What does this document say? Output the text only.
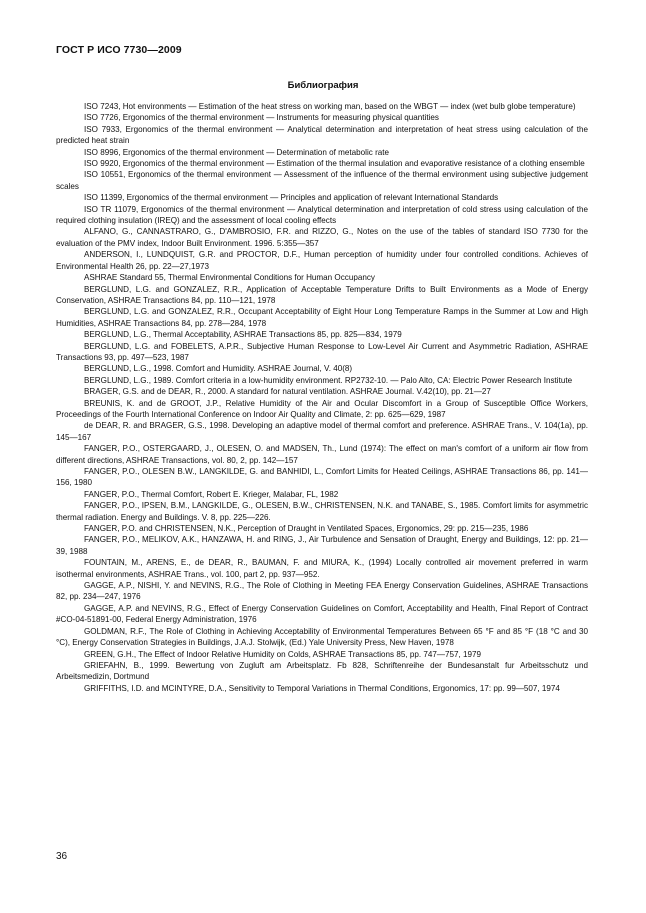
ГОСТ Р ИСО 7730—2009
Библиография

ISO 7243, Hot environments — Estimation of the heat stress on working man, based on the WBGT — index (wet bulb globe temperature)

ISO 7726, Ergonomics of the thermal environment — Instruments for measuring physical quantities

ISO 7933, Ergonomics of the thermal environment — Analytical determination and interpretation of heat stress using calculation of the predicted heat strain

ISO 8996, Ergonomics of the thermal environment — Determination of metabolic rate

ISO 9920, Ergonomics of the thermal environment — Estimation of the thermal insulation and evaporative resistance of a clothing ensemble

ISO 10551, Ergonomics of the thermal environment — Assessment of the influence of the thermal environment using subjective judgement scales

ISO 11399, Ergonomics of the thermal environment — Principles and application of relevant International Standards

ISO TR 11079, Ergonomics of the thermal environment — Analytical determination and interpretation of cold stress using calculation of the required clothing insulation (IREQ) and the assessment of local cooling effects

ALFANO, G., CANNASTRARO, G., D'AMBROSIO, F.R. and RIZZO, G., Notes on the use of the tables of standard ISO 7730 for the evaluation of the PMV index, Indoor Built Environment. 1996. 5:355—357

ANDERSON, I., LUNDQUIST, G.R. and PROCTOR, D.F., Human perception of humidity under four controlled conditions. Achieves of Environmental Health 26, pp. 22—27,1973

ASHRAE Standard 55, Thermal Environmental Conditions for Human Occupancy

BERGLUND, L.G. and GONZALEZ, R.R., Application of Acceptable Temperature Drifts to Built Environments as a Mode of Energy Conservation, ASHRAE Transactions 84, pp. 110—121, 1978

BERGLUND, L.G. and GONZALEZ, R.R., Occupant Acceptability of Eight Hour Long Temperature Ramps in the Summer at Low and High Humidities, ASHRAE Transactions 84, pp. 278—284, 1978

BERGLUND, L.G., Thermal Acceptability, ASHRAE Transactions 85, pp. 825—834, 1979

BERGLUND, L.G. and FOBELETS, A.P.R., Subjective Human Response to Low-Level Air Current and Asymmetric Radiation, ASHRAE Transactions 93, pp. 497—523, 1987

BERGLUND, L.G., 1998. Comfort and Humidity. ASHRAE Journal, V. 40(8)

BERGLUND, L.G., 1989. Comfort criteria in a low-humidity environment. RP2732-10. — Palo Alto, CA: Electric Power Research Institute

BRAGER, G.S. and de DEAR, R., 2000. A standard for natural ventilation. ASHRAE Journal. V.42(10), pp. 21—27

BREUNIS, K. and de GROOT, J.P., Relative Humidity of the Air and Ocular Discomfort in a Group of Susceptible Office Workers, Proceedings of the Fourth International Conference on Indoor Air Quality and Climate, 2: pp. 625—629, 1987

de DEAR, R. and BRAGER, G.S., 1998. Developing an adaptive model of thermal comfort and preference. ASHRAE Trans., V. 104(1a), pp. 145—167

FANGER, P.O., OSTERGAARD, J., OLESEN, O. and MADSEN, Th., Lund (1974): The effect on man's comfort of a uniform air flow from different directions, ASHRAE Transactions, vol. 80, 2, pp. 142—157

FANGER, P.O., OLESEN B.W., LANGKILDE, G. and BANHIDI, L., Comfort Limits for Heated Ceilings, ASHRAE Transactions 86, pp. 141—156, 1980

FANGER, P.O., Thermal Comfort, Robert E. Krieger, Malabar, FL, 1982

FANGER, P.O., IPSEN, B.M., LANGKILDE, G., OLESEN, B.W., CHRISTENSEN, N.K. and TANABE, S., 1985. Comfort limits for asymmetric thermal radiation. Energy and Buildings. V. 8, pp. 225—226.

FANGER, P.O. and CHRISTENSEN, N.K., Perception of Draught in Ventilated Spaces, Ergonomics, 29: pp. 215—235, 1986

FANGER, P.O., MELIKOV, A.K., HANZAWA, H. and RING, J., Air Turbulence and Sensation of Draught, Energy and Buildings, 12: pp. 21—39, 1988

FOUNTAIN, M., ARENS, E., de DEAR, R., BAUMAN, F. and MIURA, K., (1994) Locally controlled air movement preferred in warm isothermal environments, ASHRAE Trans., vol. 100, part 2, pp. 937—952.

GAGGE, A.P., NISHI, Y. and NEVINS, R.G., The Role of Clothing in Meeting FEA Energy Conservation Guidelines, ASHRAE Transactions 82, pp. 234—247, 1976

GAGGE, A.P. and NEVINS, R.G., Effect of Energy Conservation Guidelines on Comfort, Acceptability and Health, Final Report of Contract #CO-04-51891-00, Federal Energy Administration, 1976

GOLDMAN, R.F., The Role of Clothing in Achieving Acceptability of Environmental Temperatures Between 65 °F and 85 °F (18 °C and 30 °C), Energy Conservation Strategies in Buildings, J.A.J. Stolwijk, (Ed.) Yale University Press, New Haven, 1978

GREEN, G.H., The Effect of Indoor Relative Humidity on Colds, ASHRAE Transactions 85, pp. 747—757, 1979

GRIEFAHN, B., 1999. Bewertung von Zugluft am Arbeitsplatz. Fb 828, Schriftenreihe der Bundesanstalt fur Arbeitsschutz und Arbeitsmedizin, Dortmund

GRIFFITHS, I.D. and MCINTYRE, D.A., Sensitivity to Temporal Variations in Thermal Conditions, Ergonomics, 17: pp. 99—507, 1974

36
